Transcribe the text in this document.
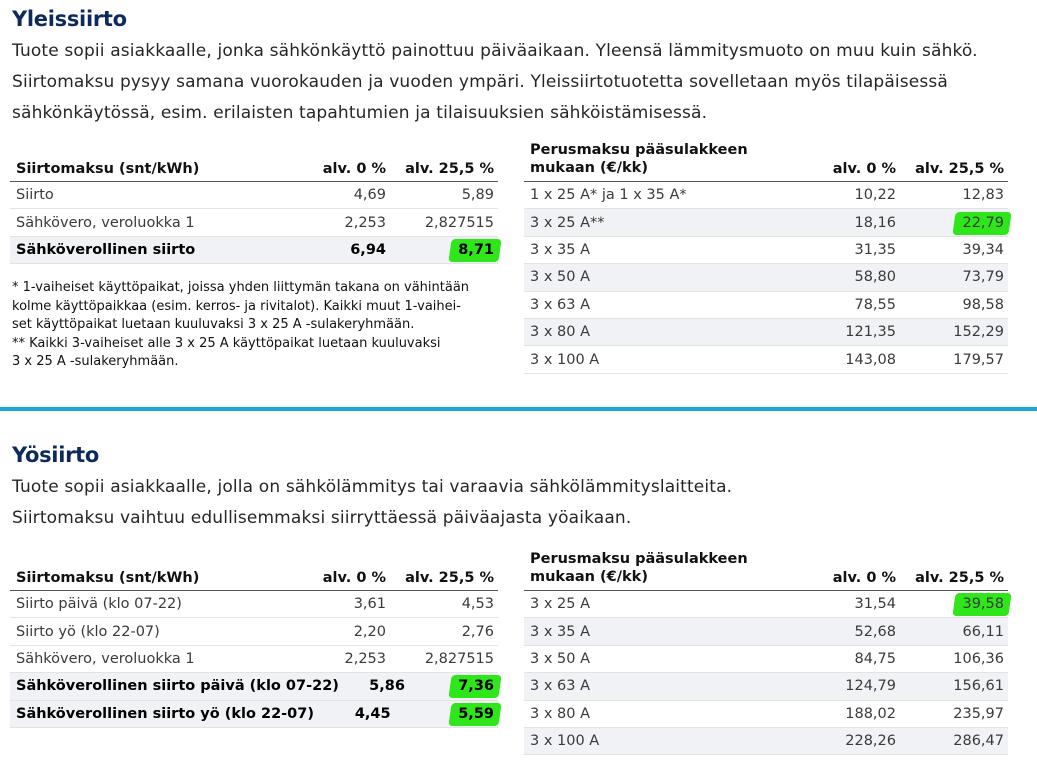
Yleissiirto
Tuote sopii asiakkaalle, jonka sähkönkäyttö painottuu päiväaikaan. Yleensä lämmitysmuoto on muu kuin sähkö.
Siirtomaksu pysyy samana vuorokauden ja vuoden ympäri. Yleissiirtotuotetta sovelletaan myös tilapäisessä
sähkönkäytössä, esim. erilaisten tapahtumien ja tilaisuuksien sähköistämisessä.
Siirtomaksu (snt/kWh)	alv. 0 %	alv. 25,5 %
Siirto	4,69	5,89
Sähkövero, veroluokka 1	2,253	2,827515
Sähköverollinen siirto	6,94	8,71
* 1-vaiheiset käyttöpaikat, joissa yhden liittymän takana on vähintään
kolme käyttöpaikkaa (esim. kerros- ja rivitalot). Kaikki muut 1-vaihei-
set käyttöpaikat luetaan kuuluvaksi 3 x 25 A -sulakeryhmään.
** Kaikki 3-vaiheiset alle 3 x 25 A käyttöpaikat luetaan kuuluvaksi
3 x 25 A -sulakeryhmään.
Perusmaksu pääsulakkeen
mukaan (€/kk)	alv. 0 %	alv. 25,5 %
1 x 25 A* ja 1 x 35 A*	10,22	12,83
3 x 25 A**	18,16	22,79
3 x 35 A	31,35	39,34
3 x 50 A	58,80	73,79
3 x 63 A	78,55	98,58
3 x 80 A	121,35	152,29
3 x 100 A	143,08	179,57
Yösiirto
Tuote sopii asiakkaalle, jolla on sähkölämmitys tai varaavia sähkölämmityslaitteita.
Siirtomaksu vaihtuu edullisemmaksi siirryttäessä päiväajasta yöaikaan.
Siirtomaksu (snt/kWh)	alv. 0 %	alv. 25,5 %
Siirto päivä (klo 07-22)	3,61	4,53
Siirto yö (klo 22-07)	2,20	2,76
Sähkövero, veroluokka 1	2,253	2,827515
Sähköverollinen siirto päivä (klo 07-22)	5,86	7,36
Sähköverollinen siirto yö (klo 22-07)	4,45	5,59
Perusmaksu pääsulakkeen
mukaan (€/kk)	alv. 0 %	alv. 25,5 %
3 x 25 A	31,54	39,58
3 x 35 A	52,68	66,11
3 x 50 A	84,75	106,36
3 x 63 A	124,79	156,61
3 x 80 A	188,02	235,97
3 x 100 A	228,26	286,47
